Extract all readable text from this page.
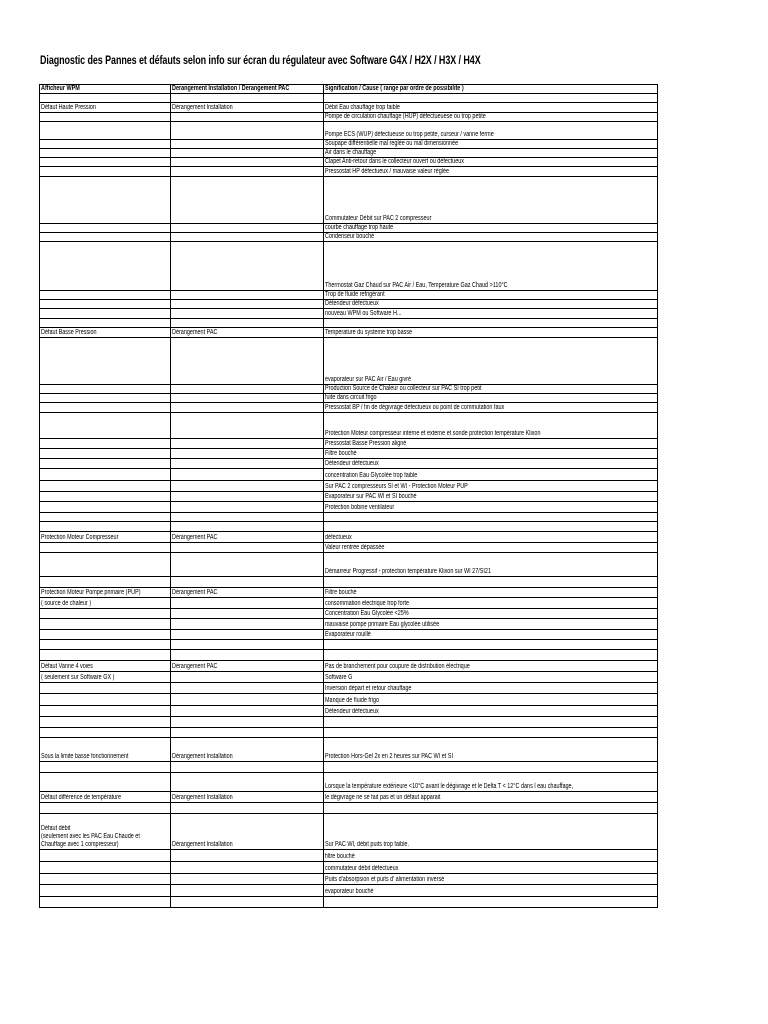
Diagnostic des Pannes et défauts selon info sur écran du régulateur avec Software G4X / H2X / H3X / H4X
Afficheur WPM	Derangement Installation / Derangement PAC	Signification / Cause ( range par ordre de possibilite )

Défaut Haute Pression	Dérangement Installation	Débit Eau chauffage trop faible
		Pompe de circulation chauffage (HUP) défectueuese ou trop petite
		Pompe ECS (WUP) défectueuse ou trop petite, curseur / vanne ferme
		Soupape différentielle mal reglée ou mal dimensionnée
		Air dans le chauffage
		Clapet Anti-retour dans le collecteur ouvert ou défectueux
		Pressostat HP défectueux / mauvaise valeur réglée
		Commutateur Débit sur PAC 2 compresseur
		courbe chauffage trop haute
		Condenseur bouché
		Thermostat Gaz Chaud sur PAC Air / Eau, Temperature Gaz Chaud >110°C
		Trop de fluide refrigérant
		Détendeur défectueux
		nouveau WPM ou Software H...

Défaut Basse Pression	Dérangement PAC	Température du systeme trop basse
		evaporateur sur PAC Air / Eau givré
		Production Source de Chaleur ou collecteur sur PAC SI trop petit
		fuite dans circuit frigo
		Pressostat BP / fin de dégivrage défectueux ou point de commutation faux
		Protection Moteur compresseur interne et externe et sonde protection température Klixon
		Pressostat Basse Pression aligné
		Filtre bouché
		Détendeur défectueux
		concentration Eau Glycolée trop faible
		Sur PAC 2 compresseurs SI et WI - Protection Moteur PUP
		Evaporateur sur PAC WI et SI bouché
		Protection bobine ventilateur

Protection Moteur Compresseur	Dérangement PAC	défectueux
		Valeur rentrée dépassée
		Démarreur Progressif - protection température Klixon sur WI 27/SI21

Protection Moteur Pompe primaire (PUP)	Dérangement PAC	Filtre bouché
( source de chaleur )		consommation electrique trop forte
		Concentration Eau Glycolée <25%
		mauvaise pompe primaire Eau glycolée utilisée
		Evaporateur rouillé

Défaut Vanne 4 voies	Dérangement PAC	Pas de branchement pour coupure de distribution électrique
( seulement sur Software GX )		Software G
		Inversion départ et retour chauffage
		Manque de fluide frigo
		Détendeur défectueux

Sous la limite basse fonctionnement	Dérangement Installation	Protection Hors-Gel 2x en 2 heures sur PAC WI et SI

		Lorsque la température extérieure <10°C avant le dégivrage et le Delta T < 12°C dans l eau chauffage,
Défaut différence de température	Dérangement Installation	le dégivrage ne se fait pas et un défaut apparait

Défaut débit
(seulement avec les PAC Eau Chaude et
Chauffage avec 1 compresseur)	Dérangement Installation	Sur PAC WI, débit puits trop faible.
		filtre bouché
		commutateur débit défectueux
		Puits d'absorpsion et puits d' alimentation inversé
		evaporateur bouché
